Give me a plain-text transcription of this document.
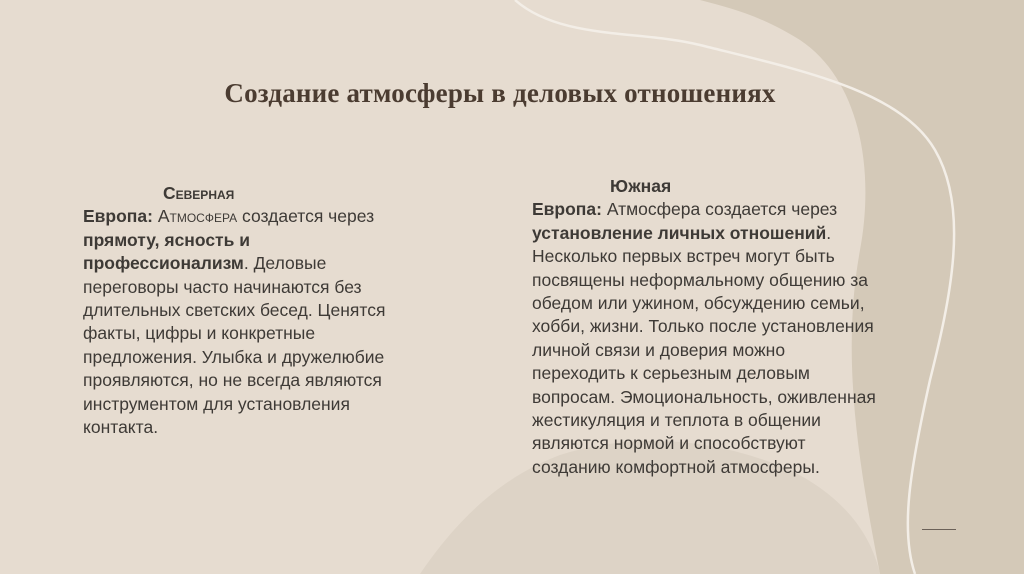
Создание атмосферы в деловых отношениях
Северная
Европа: Атмосфера создается через прямоту, ясность и профессионализм. Деловые переговоры часто начинаются без длительных светских бесед. Ценятся факты, цифры и конкретные предложения. Улыбка и дружелюбие проявляются, но не всегда являются инструментом для установления контакта.
Южная
Европа: Атмосфера создается через установление личных отношений. Несколько первых встреч могут быть посвящены неформальному общению за обедом или ужином, обсуждению семьи, хобби, жизни. Только после установления личной связи и доверия можно переходить к серьезным деловым вопросам. Эмоциональность, оживленная жестикуляция и теплота в общении являются нормой и способствуют созданию комфортной атмосферы.
